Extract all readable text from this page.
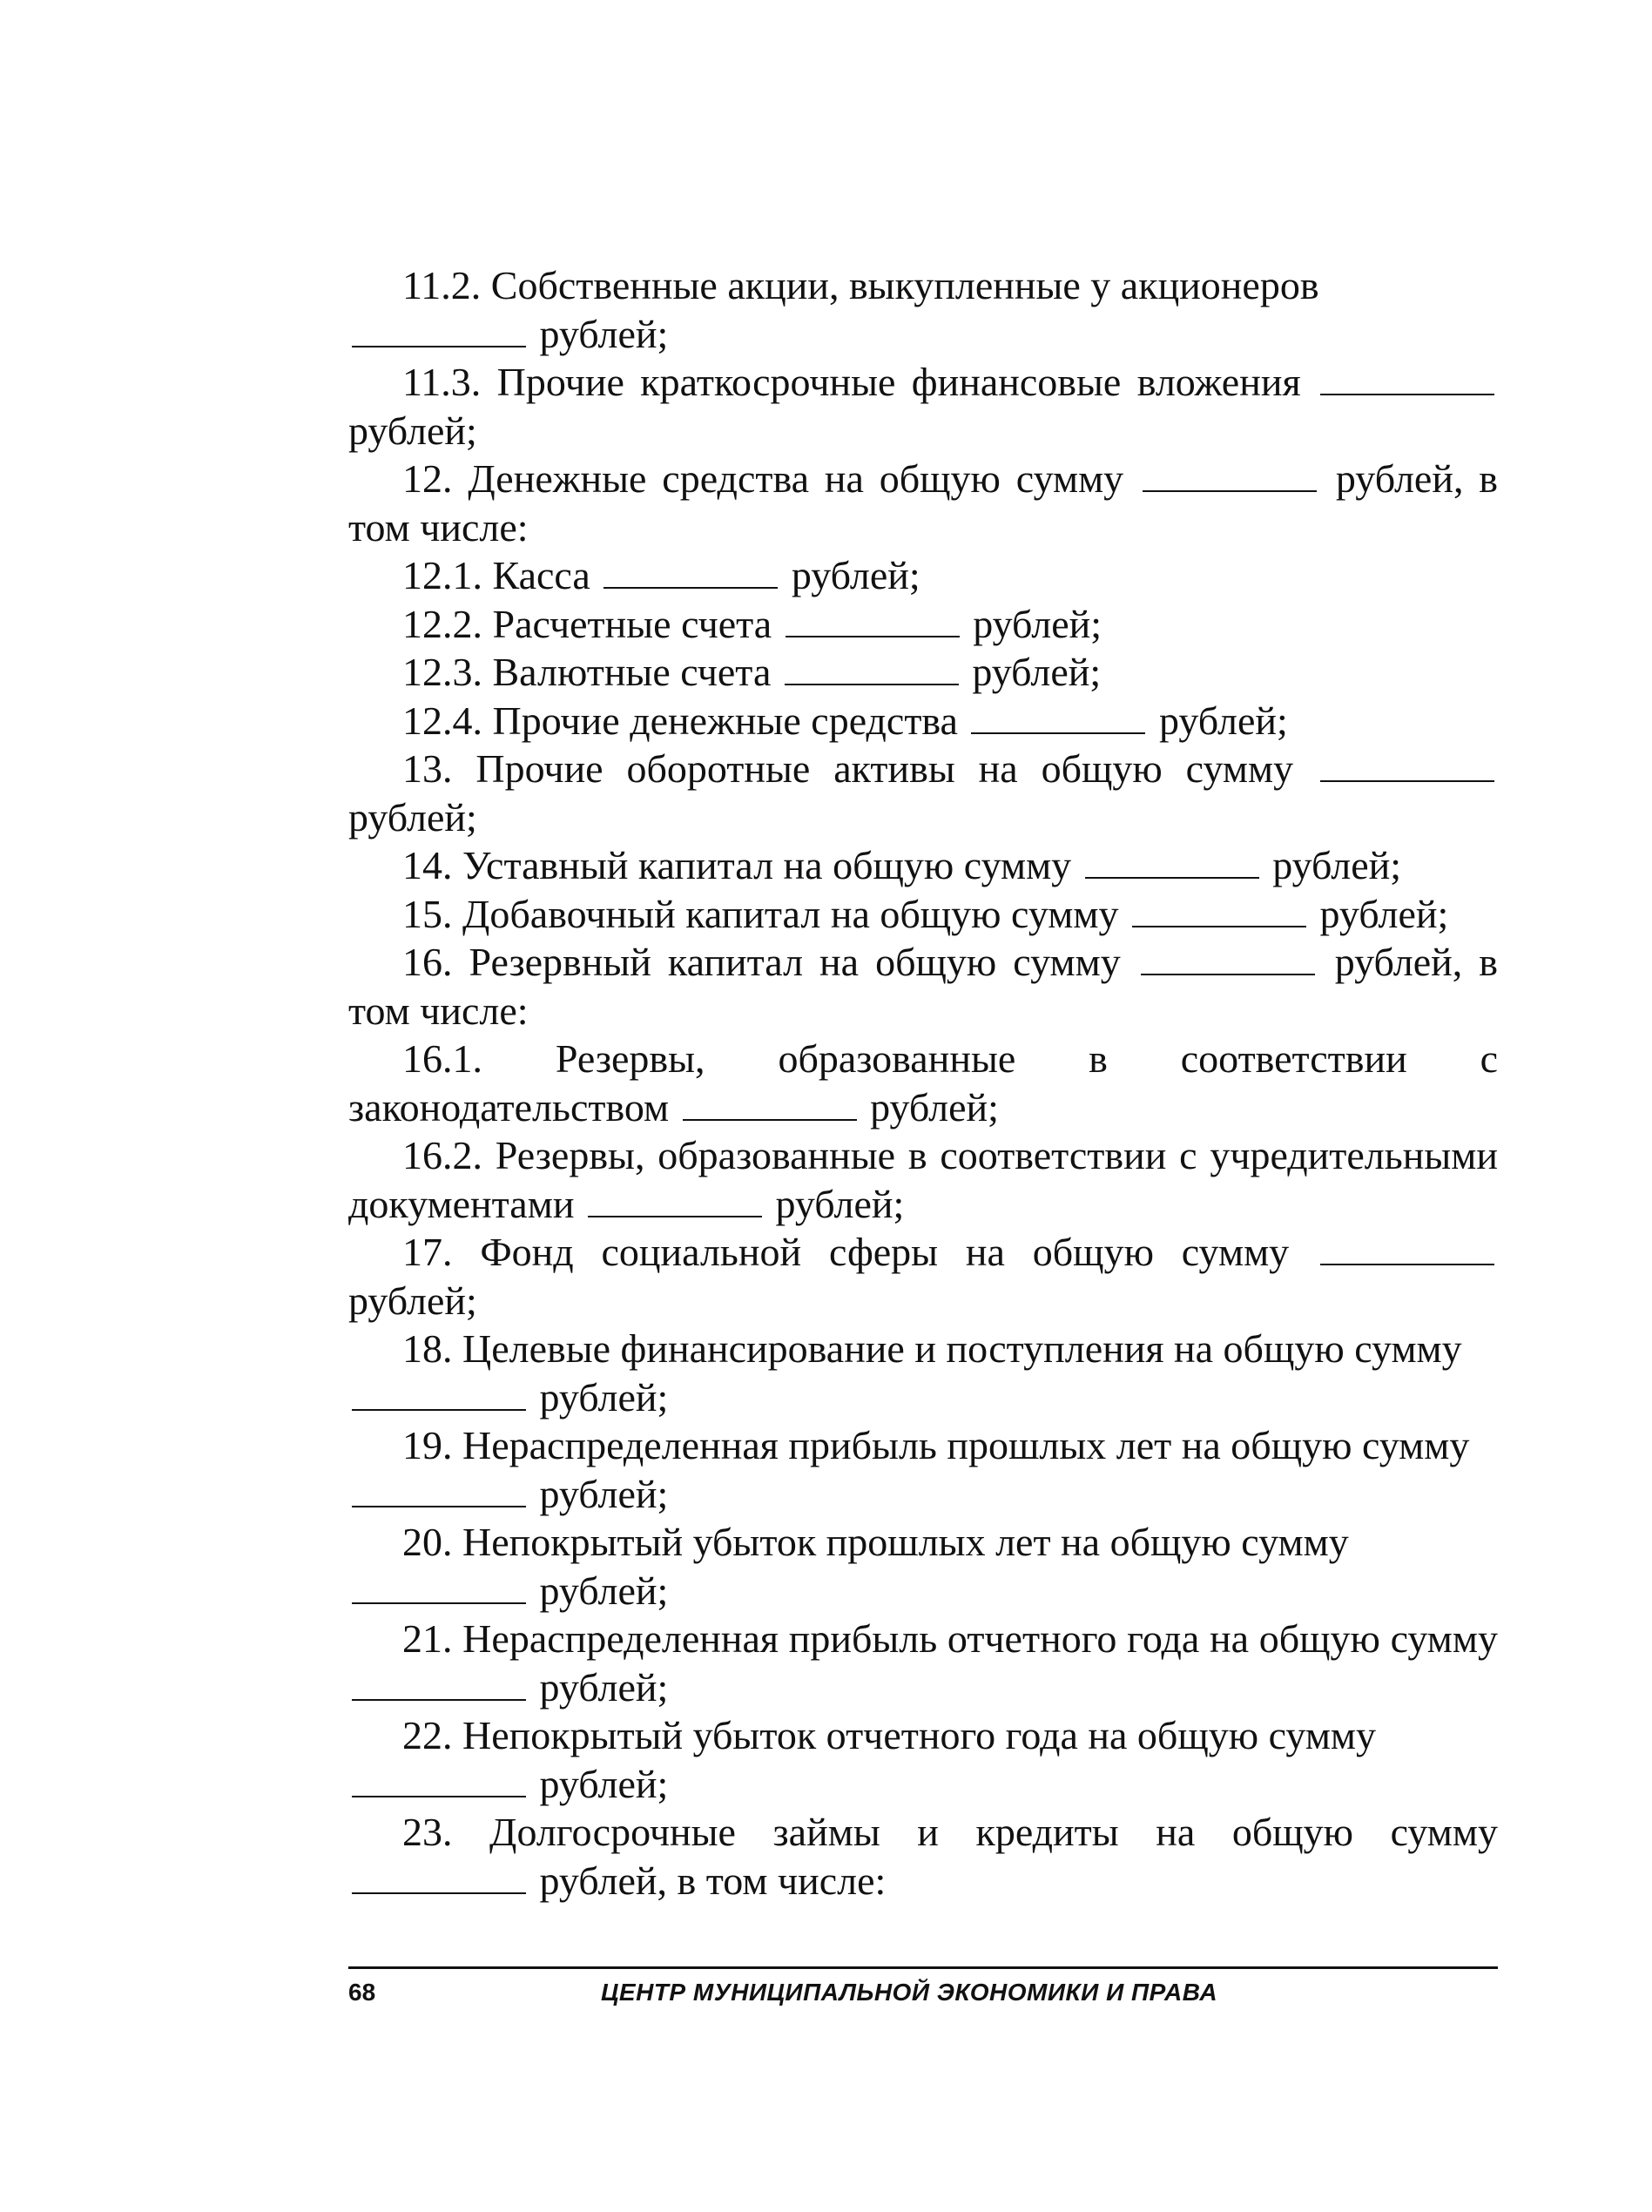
11.2. Собственные акции, выкупленные у акционеров
рублей;

11.3. Прочие краткосрочные финансовые вложения  рублей;

12. Денежные средства на общую сумму	рублей, в том числе:

12.1. Касса	рублей;

12.2. Расчетные счета	рублей;

12.3. Валютные счета	рублей;

12.4. Прочие денежные средства	рублей;

13. Прочие оборотные активы на общую сумму  рублей;

14. Уставный капитал на общую сумму	рублей;

15. Добавочный капитал на общую сумму	рублей;

16. Резервный капитал на общую сумму	рублей, в том числе:

16.1. Резервы, образованные в соответствии с законодательством	рублей;

16.2. Резервы, образованные в соответствии с учредительными документами	рублей;

17. Фонд социальной сферы на общую сумму  рублей;

18. Целевые финансирование и поступления на общую сумму
рублей;

19. Нераспределенная прибыль прошлых лет на общую сумму
рублей;

20. Непокрытый убыток прошлых лет на общую сумму
рублей;

21. Нераспределенная прибыль отчетного года на общую сумму  рублей;

22. Непокрытый убыток отчетного года на общую сумму
рублей;

23. Долгосрочные займы и кредиты на общую сумму  рублей, в том числе:

68	ЦЕНТР МУНИЦИПАЛЬНОЙ ЭКОНОМИКИ И ПРАВА
